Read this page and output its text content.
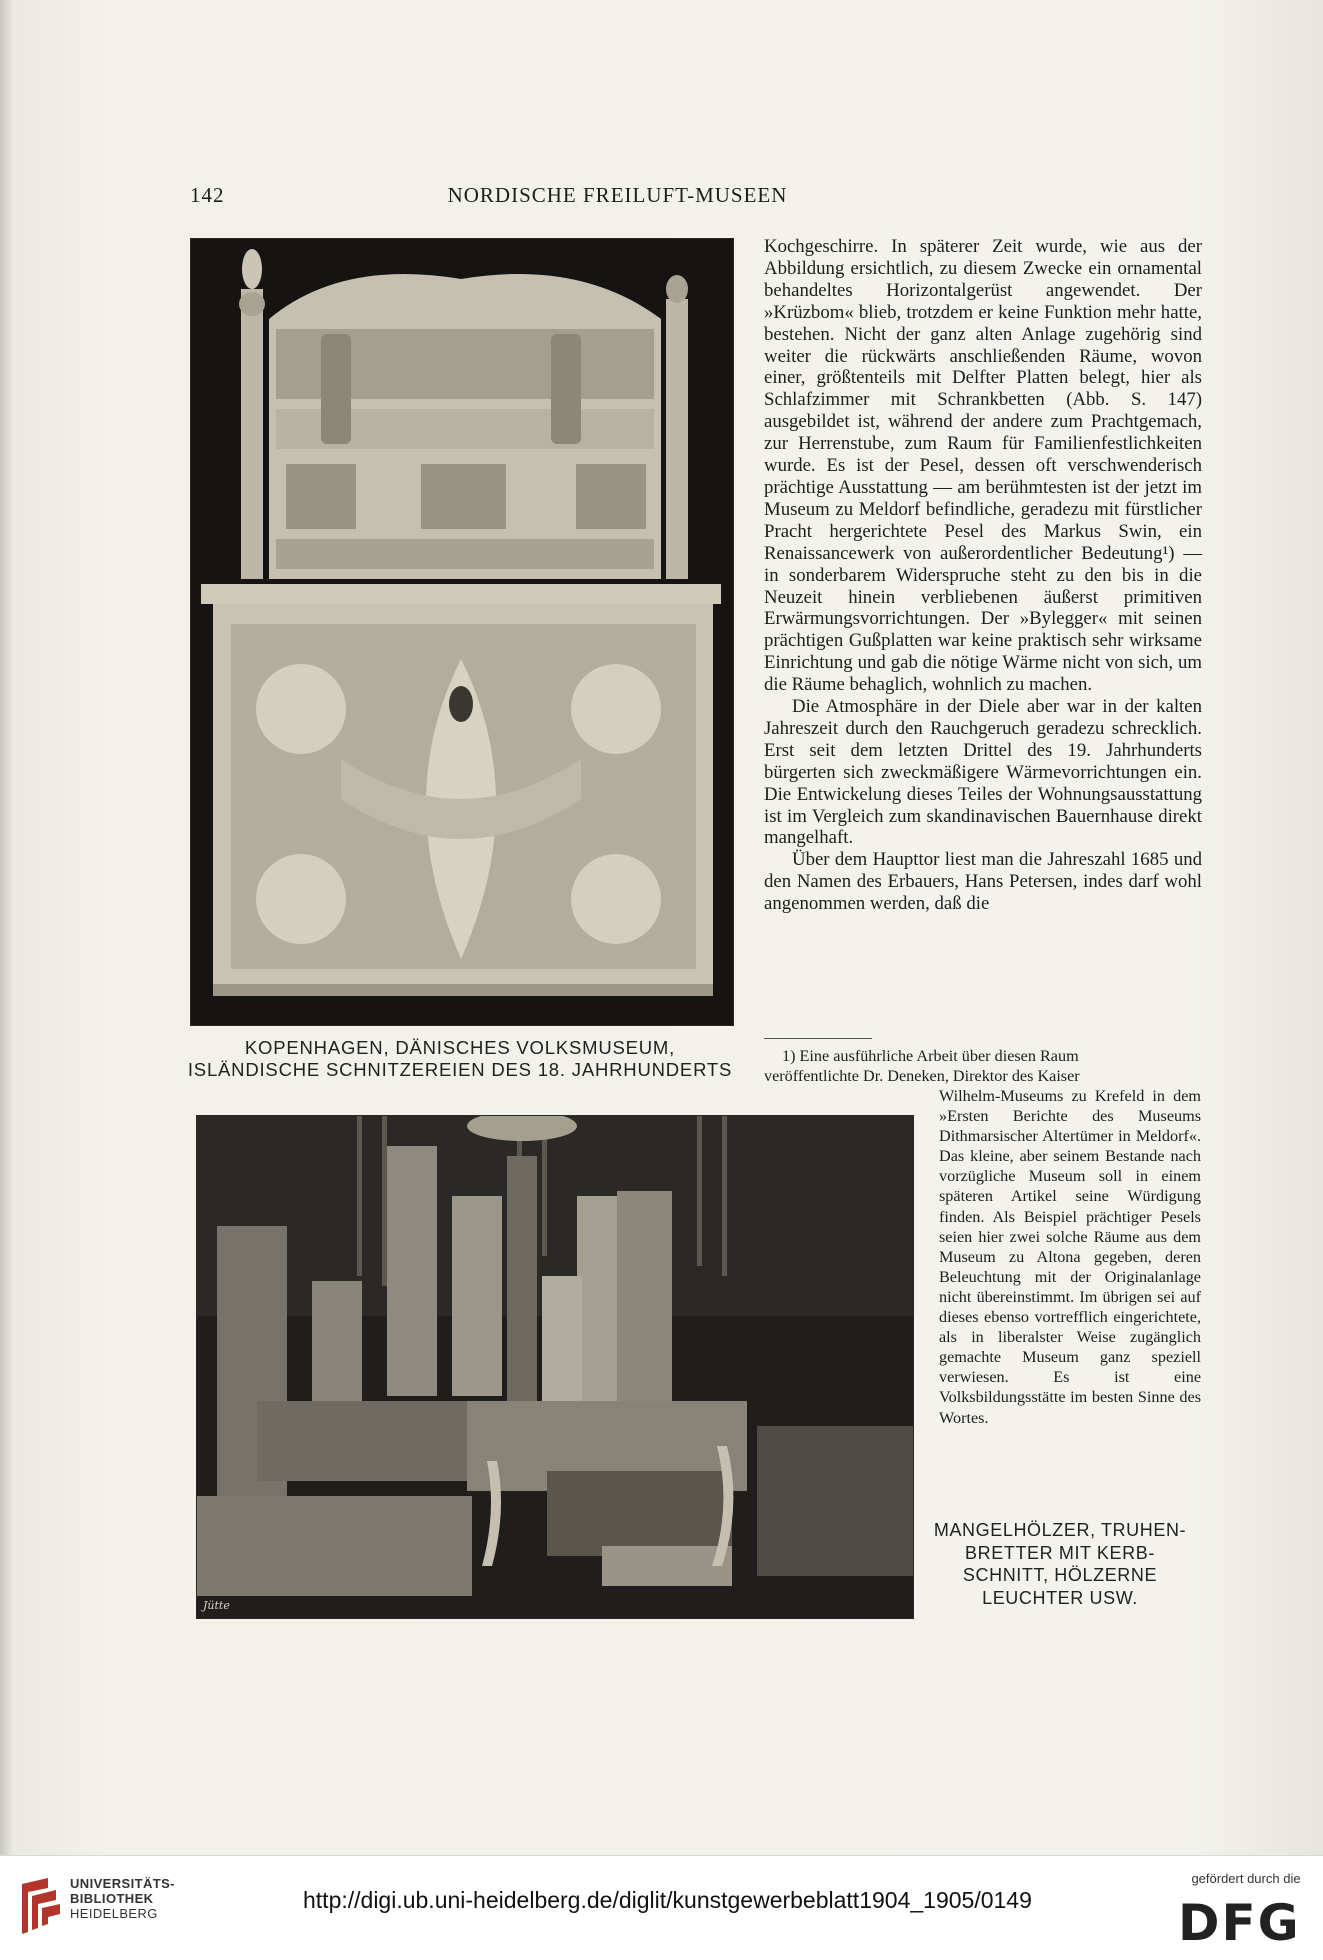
142	NORDISCHE FREILUFT-MUSEEN
KOPENHAGEN, DÄNISCHES VOLKSMUSEUM,
ISLÄNDISCHE SCHNITZEREIEN DES 18. JAHRHUNDERTS

Kochgeschirre. In späterer Zeit wurde, wie aus der Abbildung ersichtlich, zu diesem Zwecke ein ornamental behandeltes Horizontalgerüst angewendet. Der »Krüzbom« blieb, trotzdem er keine Funktion mehr hatte, bestehen. Nicht der ganz alten Anlage zugehörig sind weiter die rückwärts anschließenden Räume, wovon einer, größtenteils mit Delfter Platten belegt, hier als Schlafzimmer mit Schrankbetten (Abb. S. 147) ausgebildet ist, während der andere zum Prachtgemach, zur Herrenstube, zum Raum für Familienfestlichkeiten wurde. Es ist der Pesel, dessen oft verschwenderisch prächtige Ausstattung — am berühmtesten ist der jetzt im Museum zu Meldorf befindliche, geradezu mit fürstlicher Pracht hergerichtete Pesel des Markus Swin, ein Renaissancewerk von außerordentlicher Bedeutung¹) — in sonderbarem Widerspruche steht zu den bis in die Neuzeit hinein verbliebenen äußerst primitiven Erwärmungsvorrichtungen. Der »Bylegger« mit seinen prächtigen Gußplatten war keine praktisch sehr wirksame Einrichtung und gab die nötige Wärme nicht von sich, um die Räume behaglich, wohnlich zu machen.

Die Atmosphäre in der Diele aber war in der kalten Jahreszeit durch den Rauchgeruch geradezu schrecklich. Erst seit dem letzten Drittel des 19. Jahrhunderts bürgerten sich zweckmäßigere Wärmevorrichtungen ein. Die Entwickelung dieses Teiles der Wohnungsausstattung ist im Vergleich zum skandinavischen Bauernhause direkt mangelhaft.

Über dem Haupttor liest man die Jahreszahl 1685 und den Namen des Erbauers, Hans Petersen, indes darf wohl angenommen werden, daß die

1) Eine ausführliche Arbeit über diesen Raum
veröffentlichte Dr. Deneken, Direktor des Kaiser
Wilhelm-Museums zu Krefeld in dem »Ersten Berichte des Museums Dithmarsischer Altertümer in Meldorf«. Das kleine, aber seinem Bestande nach vorzügliche Museum soll in einem späteren Artikel seine Würdigung finden. Als Beispiel prächtiger Pesels seien hier zwei solche Räume aus dem Museum zu Altona gegeben, deren Beleuchtung mit der Originalanlage nicht übereinstimmt. Im übrigen sei auf dieses ebenso vortrefflich eingerichtete, als in liberalster Weise zugänglich gemachte Museum ganz speziell verwiesen. Es ist eine Volksbildungsstätte im besten Sinne des Wortes.
Jütte
MANGELHÖLZER, TRUHEN-
BRETTER MIT KERB-
SCHNITT, HÖLZERNE
LEUCHTER USW.
UNIVERSITÄTS-
BIBLIOTHEK
HEIDELBERG
http://digi.ub.uni-heidelberg.de/diglit/kunstgewerbeblatt1904_1905/0149
gefördert durch die
DFG
